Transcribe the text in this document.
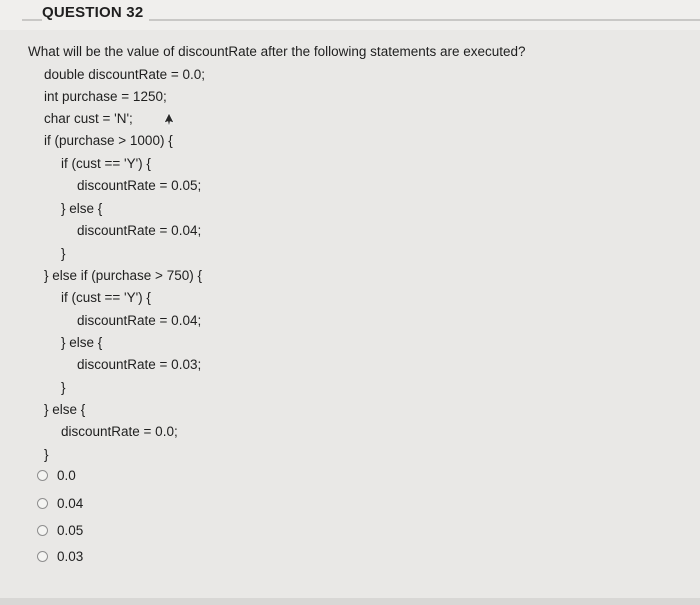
QUESTION 32
What will be the value of discountRate after the following statements are executed?
double discountRate = 0.0;
int purchase = 1250;
char cust = 'N';
if (purchase > 1000) {
if (cust == 'Y') {
discountRate = 0.05;
} else {
discountRate = 0.04;
}
} else if (purchase > 750) {
if (cust == 'Y') {
discountRate = 0.04;
} else {
discountRate = 0.03;
}
} else {
discountRate = 0.0;
}
0.0
0.04
0.05
0.03
